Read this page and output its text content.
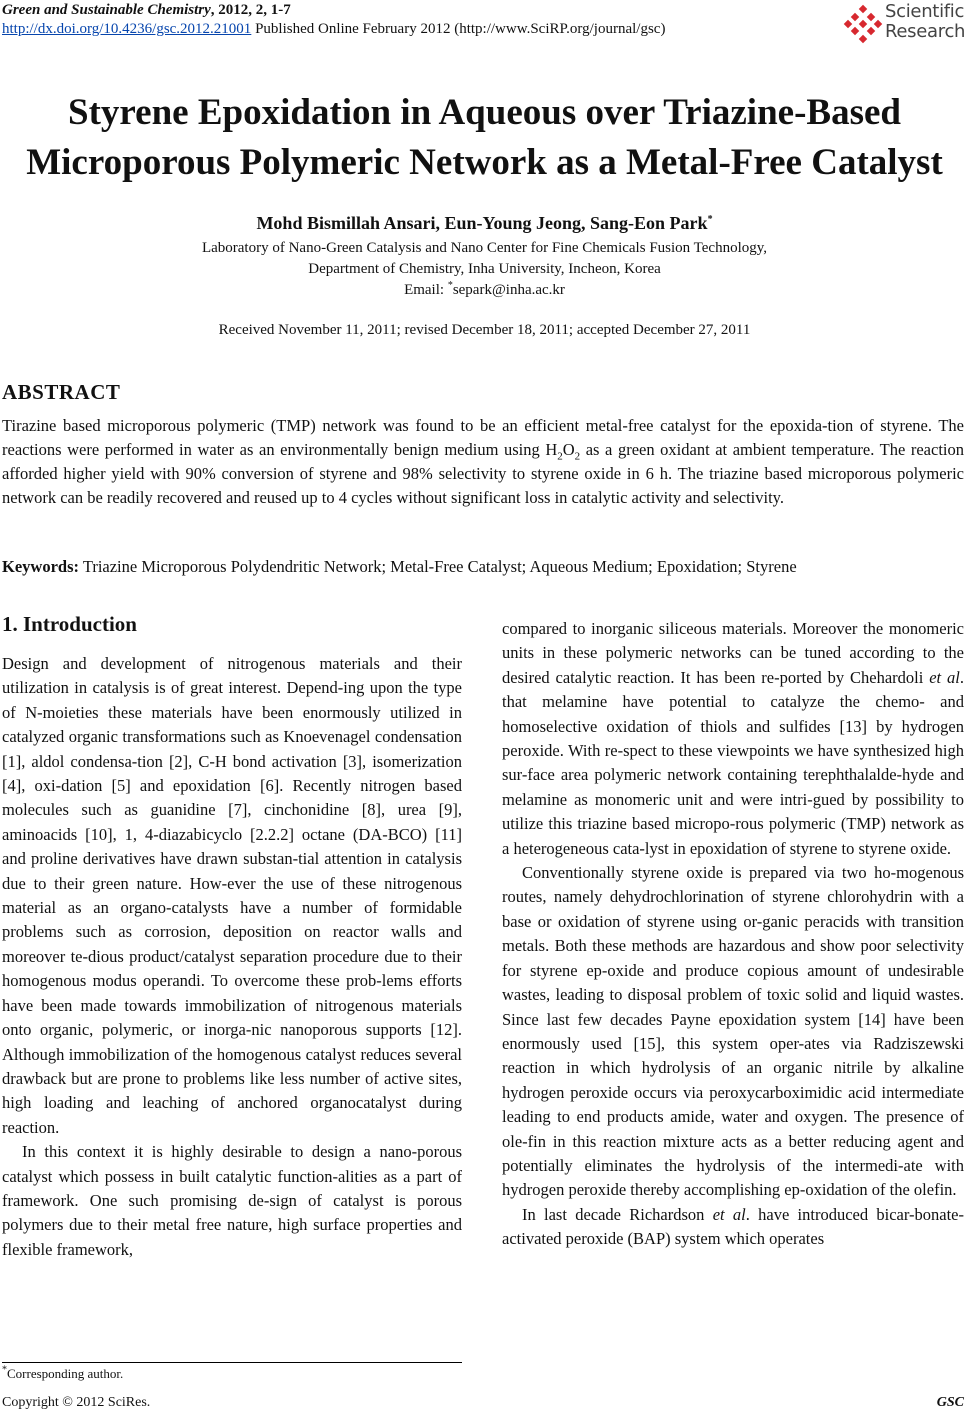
Green and Sustainable Chemistry, 2012, 2, 1-7
http://dx.doi.org/10.4236/gsc.2012.21001 Published Online February 2012 (http://www.SciRP.org/journal/gsc)
Scientific
Research
Styrene Epoxidation in Aqueous over Triazine-Based
Microporous Polymeric Network as a Metal-Free Catalyst
Mohd Bismillah Ansari, Eun-Young Jeong, Sang-Eon Park*
Laboratory of Nano-Green Catalysis and Nano Center for Fine Chemicals Fusion Technology,
Department of Chemistry, Inha University, Incheon, Korea
Email: *separk@inha.ac.kr
Received November 11, 2011; revised December 18, 2011; accepted December 27, 2011
ABSTRACT
Tirazine based microporous polymeric (TMP) network was found to be an efficient metal-free catalyst for the epoxida-tion of styrene. The reactions were performed in water as an environmentally benign medium using $H_2O_2$ as a green oxidant at ambient temperature. The reaction afforded higher yield with 90% conversion of styrene and 98% selectivity to styrene oxide in 6 h. The triazine based microporous polymeric network can be readily recovered and reused up to 4 cycles without significant loss in catalytic activity and selectivity.
Keywords: Triazine Microporous Polydendritic Network; Metal-Free Catalyst; Aqueous Medium; Epoxidation; Styrene
1. Introduction

Design and development of nitrogenous materials and their utilization in catalysis is of great interest. Depend-ing upon the type of N-moieties these materials have been enormously utilized in catalyzed organic transformations such as Knoevenagel condensation [1], aldol condensa-tion [2], C-H bond activation [3], isomerization [4], oxi-dation [5] and epoxidation [6]. Recently nitrogen based molecules such as guanidine [7], cinchonidine [8], urea [9], aminoacids [10], 1, 4-diazabicyclo [2.2.2] octane (DA-BCO) [11] and proline derivatives have drawn substan-tial attention in catalysis due to their green nature. How-ever the use of these nitrogenous material as an organo-catalysts have a number of formidable problems such as corrosion, deposition on reactor walls and moreover te-dious product/catalyst separation procedure due to their homogenous modus operandi. To overcome these prob-lems efforts have been made towards immobilization of nitrogenous materials onto organic, polymeric, or inorga-nic nanoporous supports [12]. Although immobilization of the homogenous catalyst reduces several drawback but are prone to problems like less number of active sites, high loading and leaching of anchored organocatalyst during reaction.

In this context it is highly desirable to design a nano-porous catalyst which possess in built catalytic function-alities as a part of framework. One such promising de-sign of catalyst is porous polymers due to their metal free nature, high surface properties and flexible framework,

compared to inorganic siliceous materials. Moreover the monomeric units in these polymeric networks can be tuned according to the desired catalytic reaction. It has been re-ported by Chehardoli et al. that melamine have potential to catalyze the chemo- and homoselective oxidation of thiols and sulfides [13] by hydrogen peroxide. With re-spect to these viewpoints we have synthesized high sur-face area polymeric network containing terephthalalde-hyde and melamine as monomeric unit and were intri-gued by possibility to utilize this triazine based micropo-rous polymeric (TMP) network as a heterogeneous cata-lyst in epoxidation of styrene to styrene oxide.

Conventionally styrene oxide is prepared via two ho-mogenous routes, namely dehydrochlorination of styrene chlorohydrin with a base or oxidation of styrene using or-ganic peracids with transition metals. Both these methods are hazardous and show poor selectivity for styrene ep-oxide and produce copious amount of undesirable wastes, leading to disposal problem of toxic solid and liquid wastes. Since last few decades Payne epoxidation system [14] have been enormously used [15], this system oper-ates via Radziszewski reaction in which hydrolysis of an organic nitrile by alkaline hydrogen peroxide occurs via peroxycarboximidic acid intermediate leading to end products amide, water and oxygen. The presence of ole-fin in this reaction mixture acts as a better reducing agent and potentially eliminates the hydrolysis of the intermedi-ate with hydrogen peroxide thereby accomplishing ep-oxidation of the olefin.

In last decade Richardson et al. have introduced bicar-bonate-activated peroxide (BAP) system which operates

*Corresponding author.
Copyright © 2012 SciRes.	GSC
